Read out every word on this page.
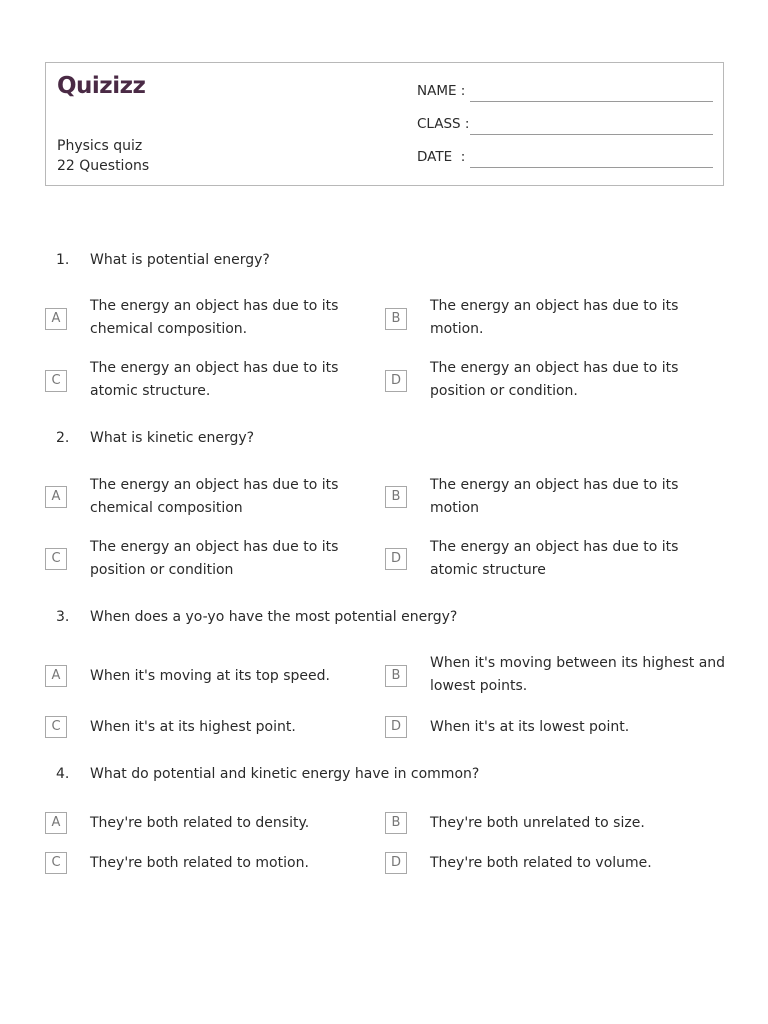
Quizizz
Physics quiz
22 Questions
NAME :
CLASS :
DATE  :
1. What is potential energy?
A
The energy an object has due to its chemical composition.
B
The energy an object has due to its motion.
C
The energy an object has due to its atomic structure.
D
The energy an object has due to its position or condition.
2. What is kinetic energy?
A
The energy an object has due to its chemical composition
B
The energy an object has due to its motion
C
The energy an object has due to its position or condition
D
The energy an object has due to its atomic structure
3. When does a yo-yo have the most potential energy?
A	When it's moving at its top speed.	B
When it's moving between its highest and lowest points.
C	When it's at its highest point.	D	When it's at its lowest point.
4. What do potential and kinetic energy have in common?
A	They're both related to density.	B	They're both unrelated to size.
C	They're both related to motion.	D	They're both related to volume.
